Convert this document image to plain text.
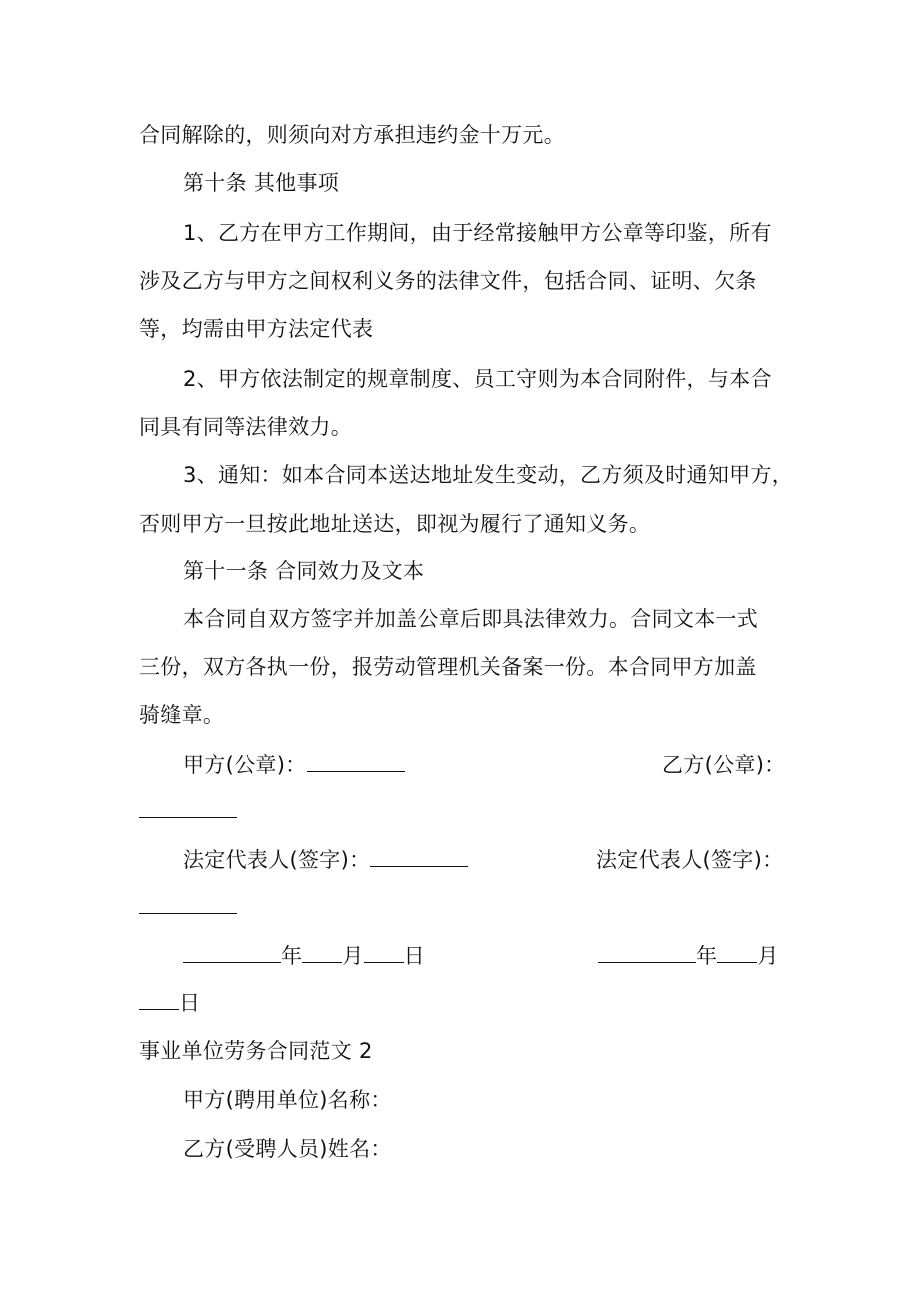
合同解除的，则须向对方承担违约金十万元。
第十条 其他事项
1、乙方在甲方工作期间，由于经常接触甲方公章等印鉴，所有
涉及乙方与甲方之间权利义务的法律文件，包括合同、证明、欠条
等，均需由甲方法定代表
2、甲方依法制定的规章制度、员工守则为本合同附件，与本合
同具有同等法律效力。
3、通知：如本合同本送达地址发生变动，乙方须及时通知甲方，
否则甲方一旦按此地址送达，即视为履行了通知义务。
第十一条 合同效力及文本
本合同自双方签字并加盖公章后即具法律效力。合同文本一式
三份，双方各执一份，报劳动管理机关备案一份。本合同甲方加盖
骑缝章。
甲方(公章)：	乙方(公章)：
法定代表人(签字)：	法定代表人(签字)：
年 月 日	年 月
日
事业单位劳务合同范文 2
甲方(聘用单位)名称：
乙方(受聘人员)姓名：
